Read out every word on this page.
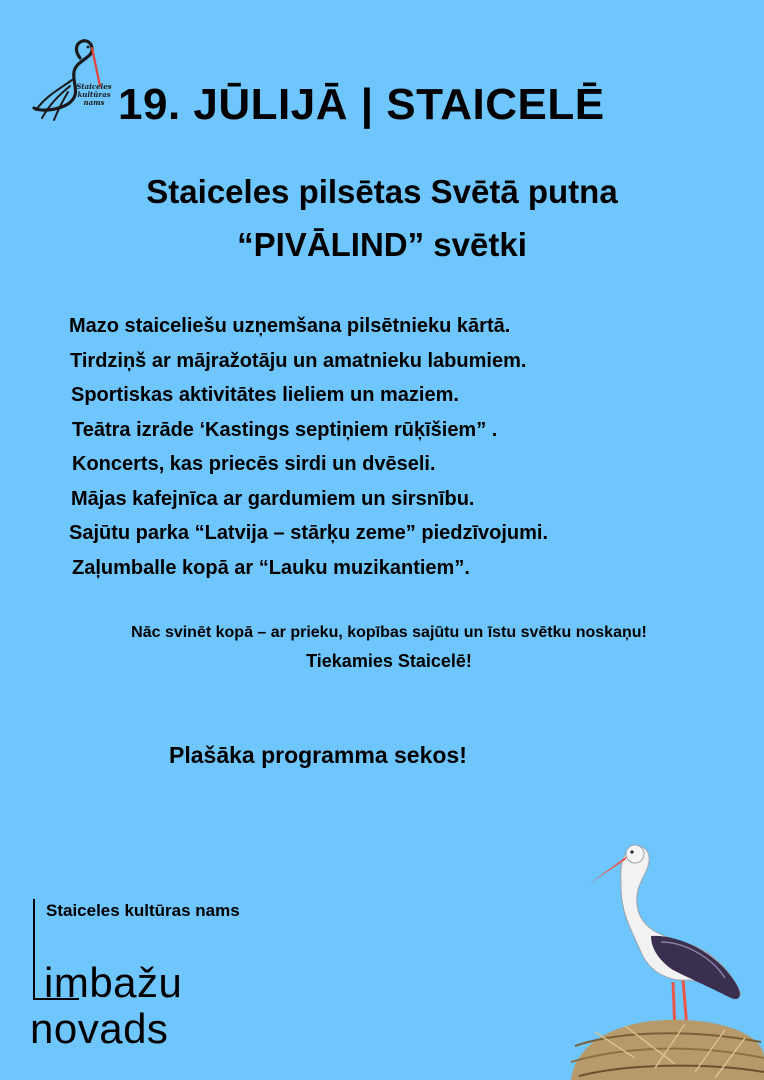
Staiceles
kultūras
nams 19. JŪLIJĀ | STAICELĒ
Staiceles pilsētas Svētā putna
“PIVĀLIND” svētki
Mazo staiceliešu uzņemšana pilsētnieku kārtā.
Tirdziņš ar mājražotāju un amatnieku labumiem.
Sportiskas aktivitātes lieliem un maziem.
Teātra izrāde ‘Kastings septiņiem rūķīšiem” .
Koncerts, kas priecēs sirdi un dvēseli.
Mājas kafejnīca ar gardumiem un sirsnību.
Sajūtu parka “Latvija – stārķu zeme” piedzīvojumi.
Zaļumballe kopā ar “Lauku muzikantiem”.
Nāc svinēt kopā – ar prieku, kopības sajūtu un īstu svētku noskaņu!
Tiekamies Staicelē!
Plašāka programma sekos!
Staiceles kultūras nams
imbažu
novads
